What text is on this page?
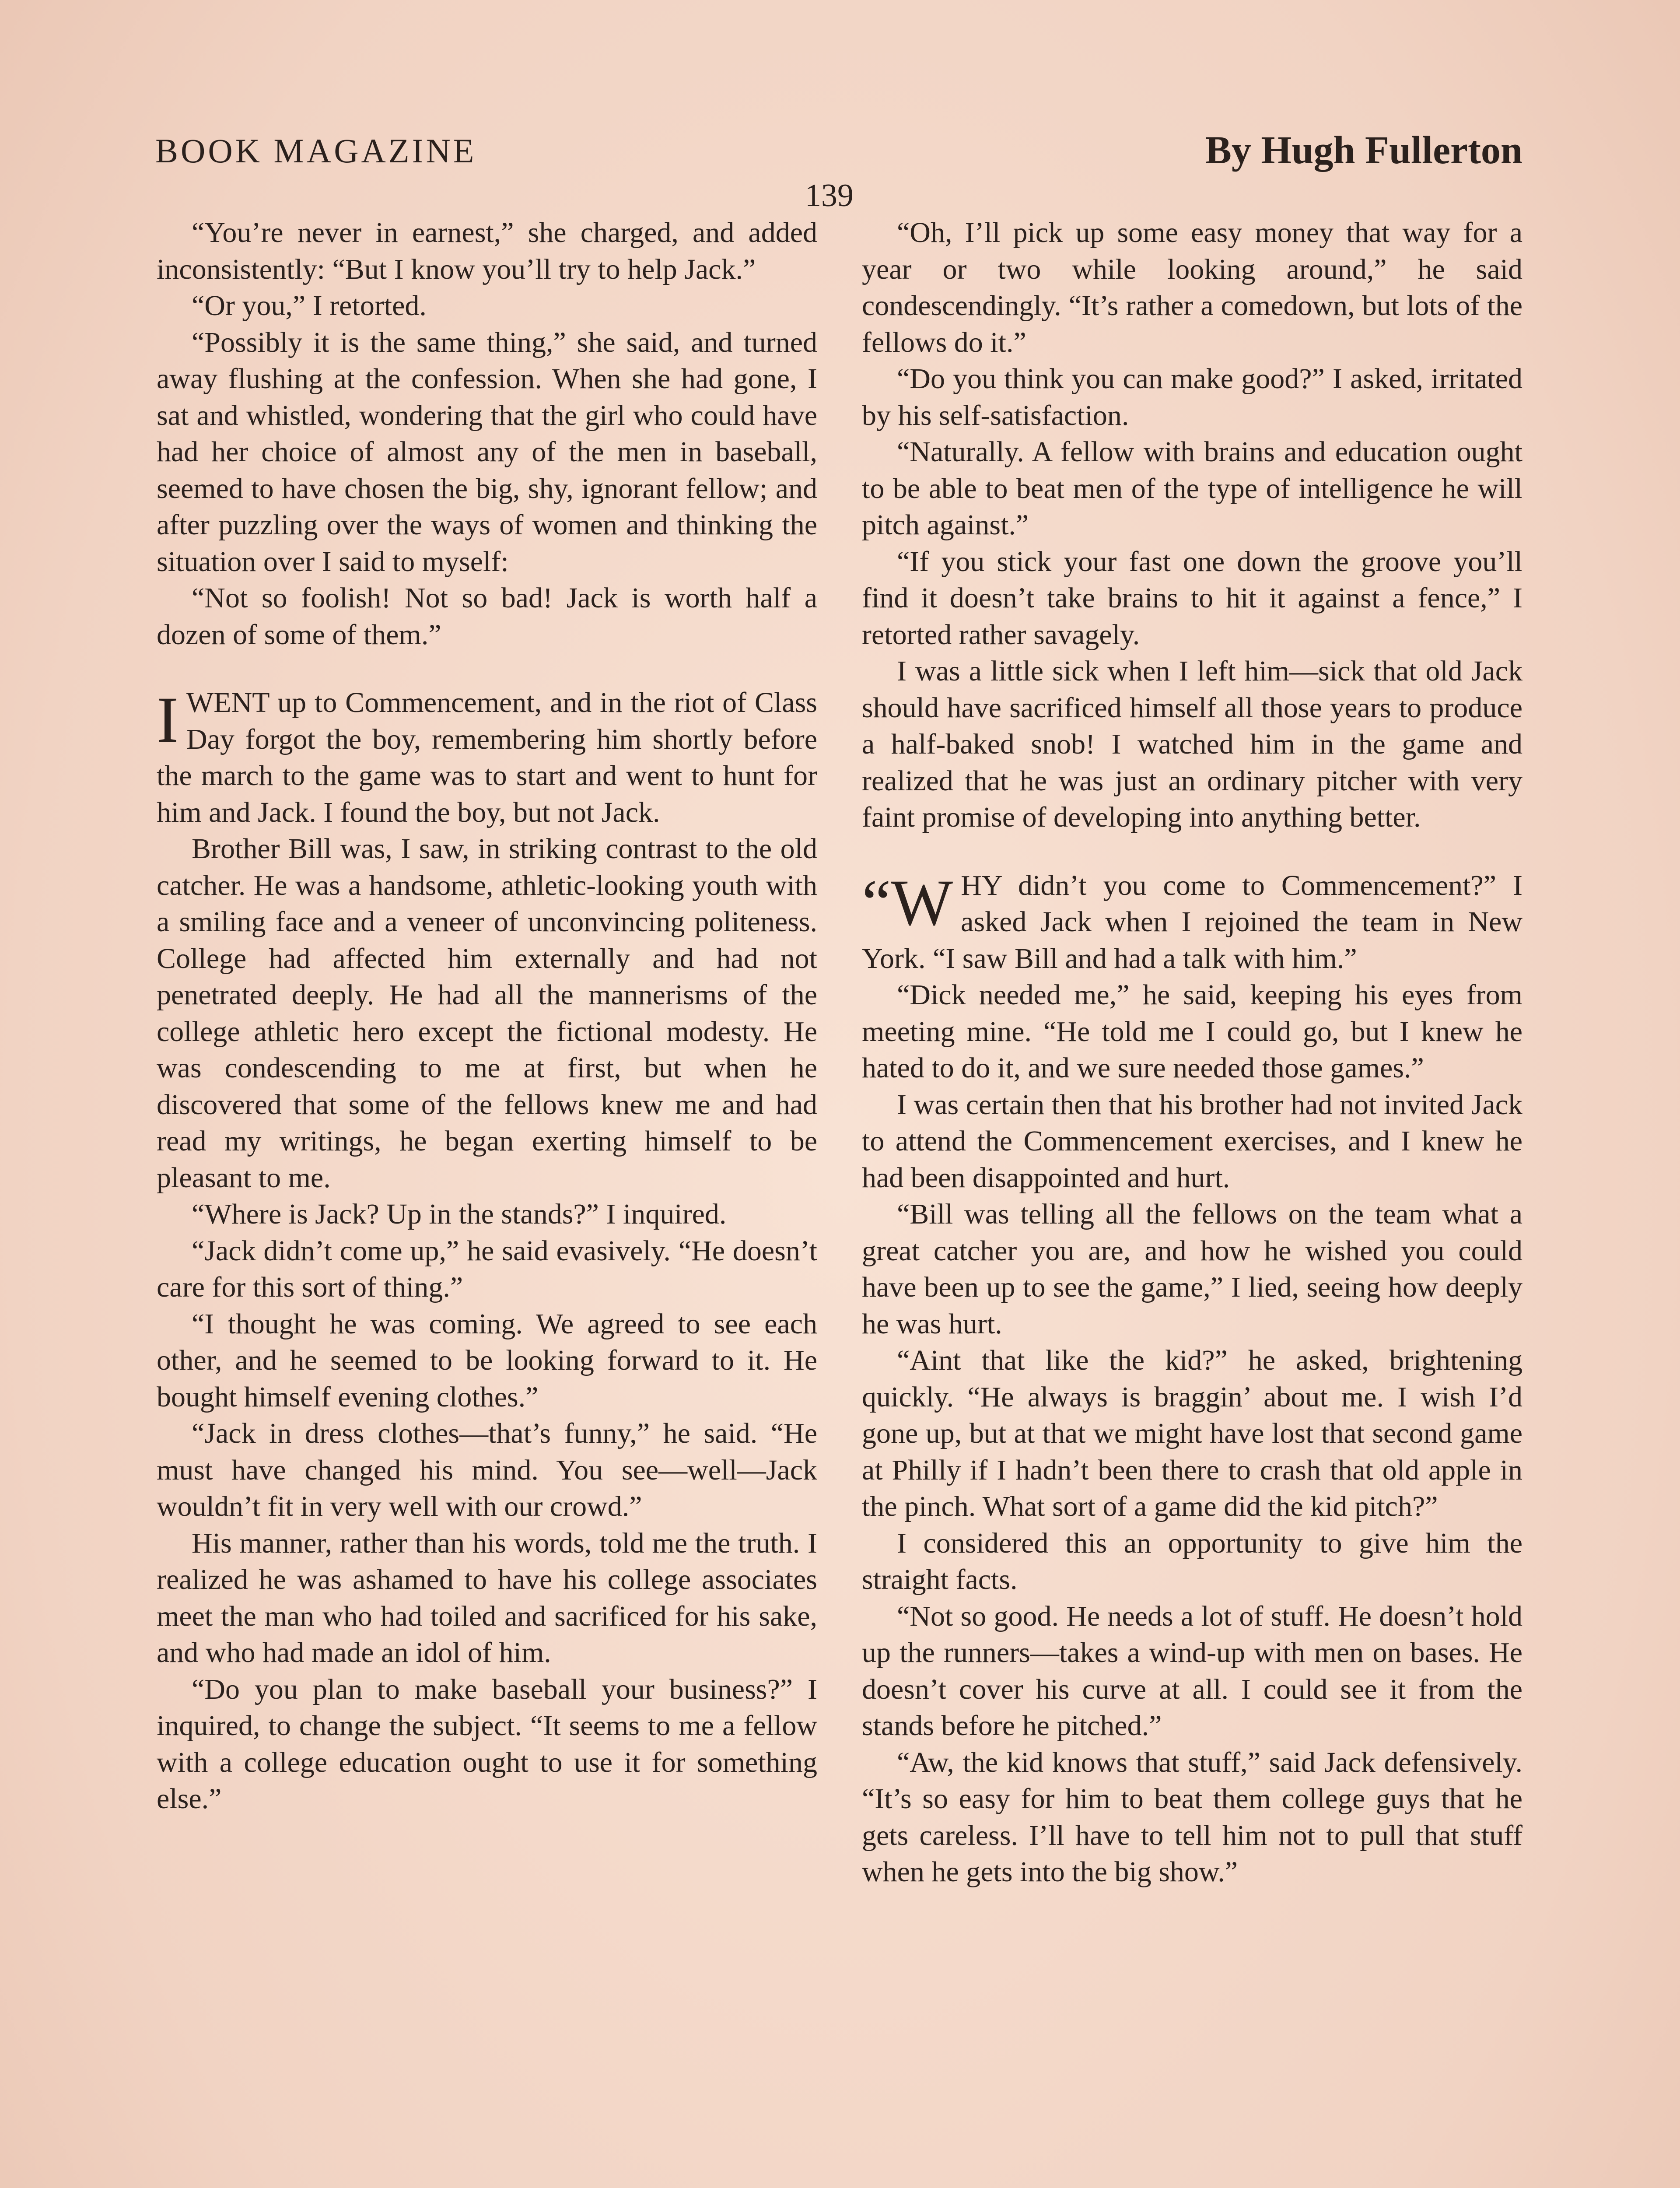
BOOK MAGAZINE	By Hugh Fullerton
139

“You’re never in earnest,” she charged, and added inconsistently: “But I know you’ll try to help Jack.”

“Or you,” I retorted.

“Possibly it is the same thing,” she said, and turned away flushing at the confession. When she had gone, I sat and whistled, wondering that the girl who could have had her choice of almost any of the men in baseball, seemed to have chosen the big, shy, ignorant fellow; and after puzzling over the ways of women and thinking the situation over I said to myself:

“Not so foolish! Not so bad! Jack is worth half a dozen of some of them.”

IWENT up to Commencement, and in the riot of Class Day forgot the boy, remembering him shortly before the march to the game was to start and went to hunt for him and Jack. I found the boy, but not Jack.

Brother Bill was, I saw, in striking contrast to the old catcher. He was a handsome, athletic-looking youth with a smiling face and a veneer of unconvincing politeness. College had affected him externally and had not penetrated deeply. He had all the mannerisms of the college athletic hero except the fictional modesty. He was condescending to me at first, but when he discovered that some of the fellows knew me and had read my writings, he began exerting himself to be pleasant to me.

“Where is Jack? Up in the stands?” I inquired.

“Jack didn’t come up,” he said evasively. “He doesn’t care for this sort of thing.”

“I thought he was coming. We agreed to see each other, and he seemed to be looking forward to it. He bought himself evening clothes.”

“Jack in dress clothes—that’s funny,” he said. “He must have changed his mind. You see—well—Jack wouldn’t fit in very well with our crowd.”

His manner, rather than his words, told me the truth. I realized he was ashamed to have his college associates meet the man who had toiled and sacrificed for his sake, and who had made an idol of him.

“Do you plan to make baseball your business?” I inquired, to change the subject. “It seems to me a fellow with a college education ought to use it for something else.”

“Oh, I’ll pick up some easy money that way for a year or two while looking around,” he said condescendingly. “It’s rather a comedown, but lots of the fellows do it.”

“Do you think you can make good?” I asked, irritated by his self-satisfaction.

“Naturally. A fellow with brains and education ought to be able to beat men of the type of intelligence he will pitch against.”

“If you stick your fast one down the groove you’ll find it doesn’t take brains to hit it against a fence,” I retorted rather savagely.

I was a little sick when I left him—sick that old Jack should have sacrificed himself all those years to produce a half-baked snob! I watched him in the game and realized that he was just an ordinary pitcher with very faint promise of developing into anything better.

“W HY didn’t you come to Commencement?” I asked Jack when I rejoined the team in New York. “I saw Bill and had a talk with him.”

“Dick needed me,” he said, keeping his eyes from meeting mine. “He told me I could go, but I knew he hated to do it, and we sure needed those games.”

I was certain then that his brother had not invited Jack to attend the Commencement exercises, and I knew he had been disappointed and hurt.

“Bill was telling all the fellows on the team what a great catcher you are, and how he wished you could have been up to see the game,” I lied, seeing how deeply he was hurt.

“Aint that like the kid?” he asked, brightening quickly. “He always is braggin’ about me. I wish I’d gone up, but at that we might have lost that second game at Philly if I hadn’t been there to crash that old apple in the pinch. What sort of a game did the kid pitch?”

I considered this an opportunity to give him the straight facts.

“Not so good. He needs a lot of stuff. He doesn’t hold up the runners—takes a wind-up with men on bases. He doesn’t cover his curve at all. I could see it from the stands before he pitched.”

“Aw, the kid knows that stuff,” said Jack defensively. “It’s so easy for him to beat them college guys that he gets careless. I’ll have to tell him not to pull that stuff when he gets into the big show.”
